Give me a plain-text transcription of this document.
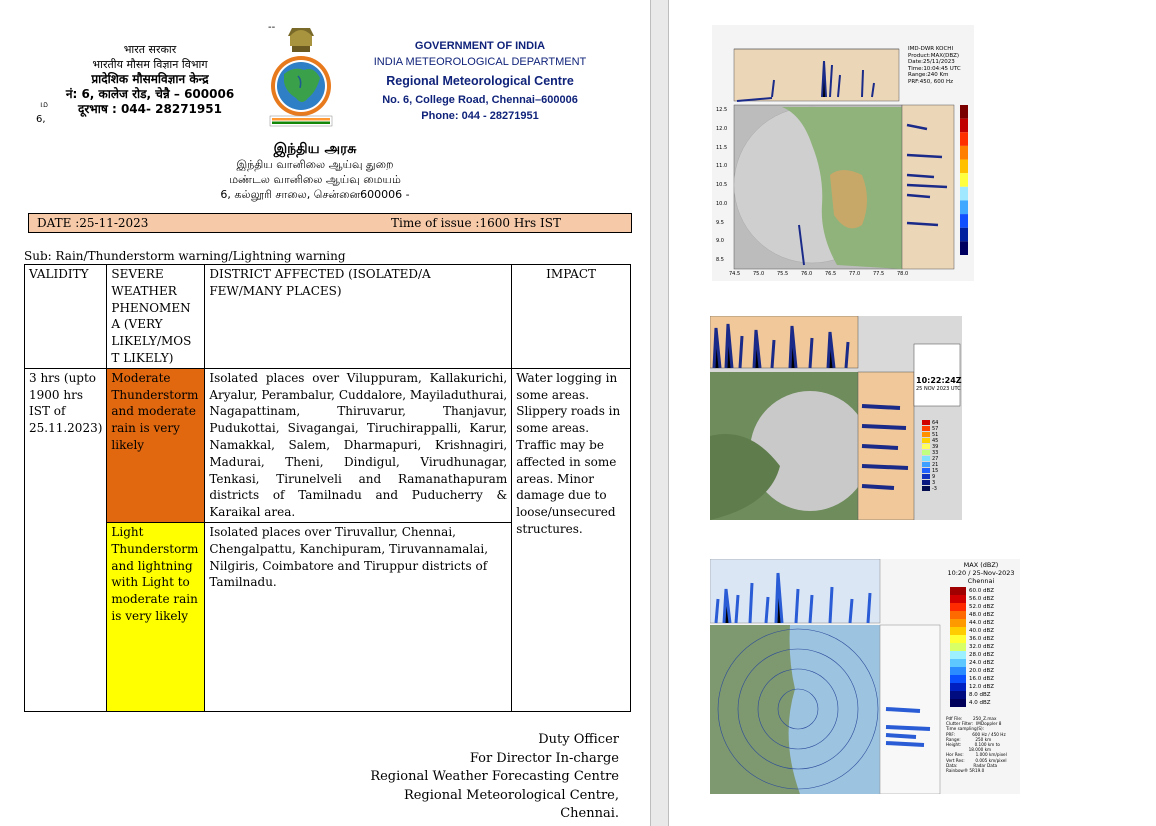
भारत सरकार
भारतीय मौसम विज्ञान विभाग
प्रादेशिक मौसमविज्ञान केन्द्र
नं: 6, कालेज रोड, चेन्नै – 600006
दूरभाष : 044- 28271951
--
ம
6,
GOVERNMENT OF INDIA
INDIA METEOROLOGICAL DEPARTMENT
Regional Meteorological Centre
No. 6, College Road, Chennai–600006
Phone: 044 - 28271951
இந்திய அரசு
இந்திய வானிலை ஆய்வு துறை
மண்டல வானிலை ஆய்வு மையம்
6, கல்லூரி சாலை, சென்னை600006 -
DATE :25-11-2023	Time of issue :1600 Hrs IST
Sub: Rain/Thunderstorm warning/Lightning warning
VALIDITY	SEVERE WEATHER PHENOMEN A (VERY LIKELY/MOS T LIKELY)	DISTRICT AFFECTED (ISOLATED/A FEW/MANY PLACES)	IMPACT
3 hrs (upto 1900 hrs IST of 25.11.2023)	Moderate Thunderstorm and moderate rain is very likely	Isolated places over Viluppuram, Kallakurichi, Aryalur, Perambalur, Cuddalore, Mayiladuthurai, Nagapattinam, Thiruvarur, Thanjavur, Pudukottai, Sivagangai, Tiruchirappalli, Karur, Namakkal, Salem, Dharmapuri, Krishnagiri, Madurai, Theni, Dindigul, Virudhunagar, Tenkasi, Tirunelveli and Ramanathapuram districts of Tamilnadu and Puducherry & Karaikal area.	Water logging in some areas. Slippery roads in some areas. Traffic may be affected in some areas. Minor damage due to loose/unsecured structures.
	Light Thunderstorm and lightning with Light to moderate rain is very likely	Isolated places over Tiruvallur, Chennai, Chengalpattu, Kanchipuram, Tiruvannamalai, Nilgiris, Coimbatore and Tiruppur districts of Tamilnadu.	
Duty Officer
For Director In-charge
Regional Weather Forecasting Centre
Regional Meteorological Centre,
Chennai.
IMD-DWR KOCHI
Product:MAX(DBZ)
Date:25/11/2023
Time:10:04:45 UTC
Range:240 Km
PRF:450, 600 Hz
74.5	75.0	75.5	76.0	76.5	77.0	77.5	78.0
12.5
12.0
11.5
11.0
10.5
10.0
9.5
9.0
8.5
10:22:24Z
25 NOV 2023 UTC
64
57
51
45
39
33
27
21
15
9
3
-3
MAX (dBZ)
10:20 / 25-Nov-2023
Chennai
60.0 dBZ
56.0 dBZ
52.0 dBZ
48.0 dBZ
44.0 dBZ
40.0 dBZ
36.0 dBZ
32.0 dBZ
28.0 dBZ
24.0 dBZ
20.0 dBZ
16.0 dBZ
12.0 dBZ
8.0 dBZ
4.0 dBZ
Pdf File:        250_Z.max
Clutter Filter:  IMDoppler 8
Time sampling(S):
PRF:             600 Hz / 450 Hz
Range:           250 km
Height:          0.100 km to
18.000 km
Hor Res:         1.000 km/pixel
Vert Res:        0.005 km/pixel
Data:            Radar Data
Rainbow® 5R19.0
